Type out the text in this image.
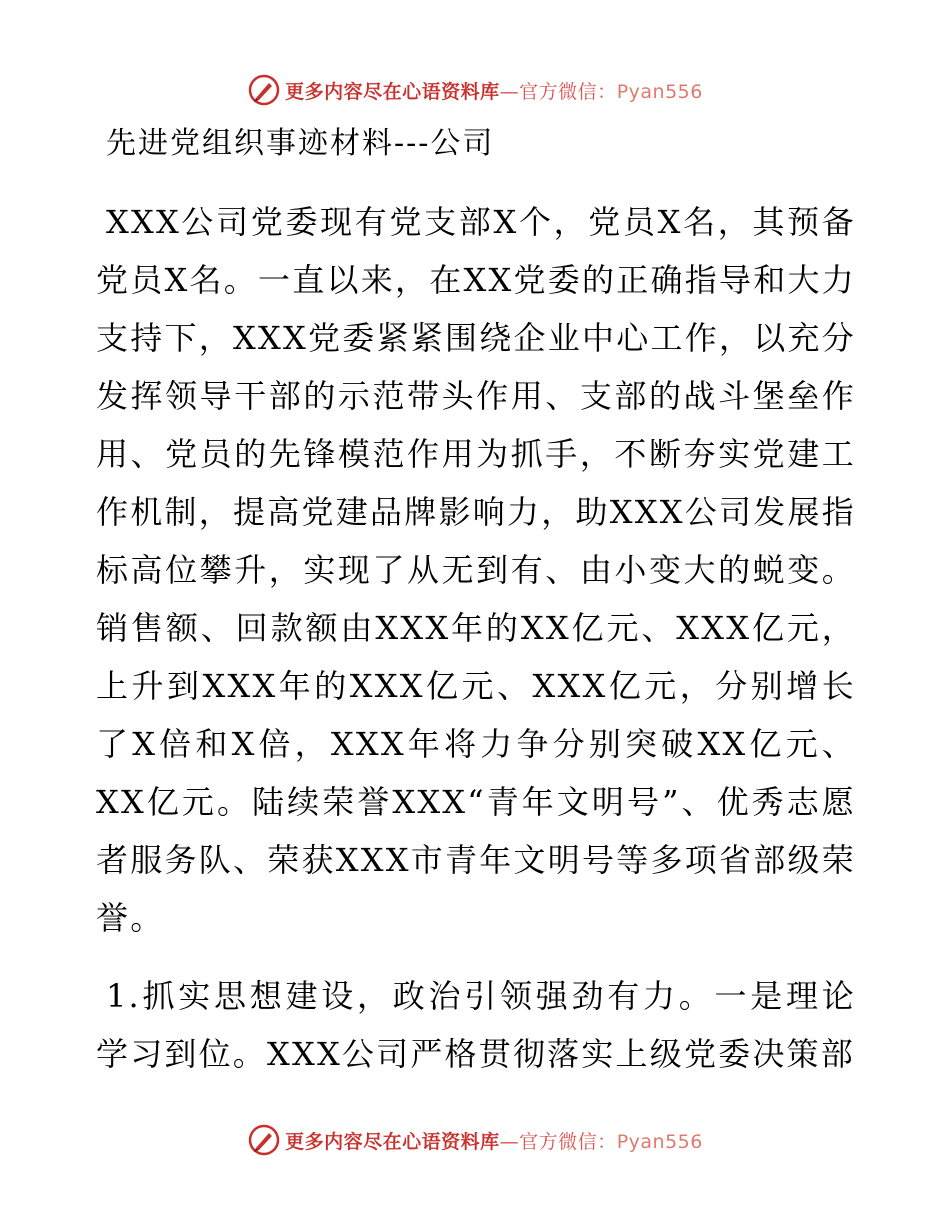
更多内容尽在心语资料库—官方微信：Pyan556
先进党组织事迹材料---公司

XXX公司党委现有党支部X个，党员X名，其预备党员X名。一直以来，在XX党委的正确指导和大力支持下，XXX党委紧紧围绕企业中心工作，以充分发挥领导干部的示范带头作用、支部的战斗堡垒作用、党员的先锋模范作用为抓手，不断夯实党建工作机制，提高党建品牌影响力，助XXX公司发展指标高位攀升，实现了从无到有、由小变大的蜕变。销售额、回款额由XXX年的XX亿元、XXX亿元，上升到XXX年的XXX亿元、XXX亿元，分别增长了X倍和X倍，XXX年将力争分别突破XX亿元、XX亿元。陆续荣誉XXX“青年文明号”、优秀志愿者服务队、荣获XXX市青年文明号等多项省部级荣誉。

1.抓实思想建设，政治引领强劲有力。一是理论学习到位。XXX公司严格贯彻落实上级党委决策部

更多内容尽在心语资料库—官方微信：Pyan556
